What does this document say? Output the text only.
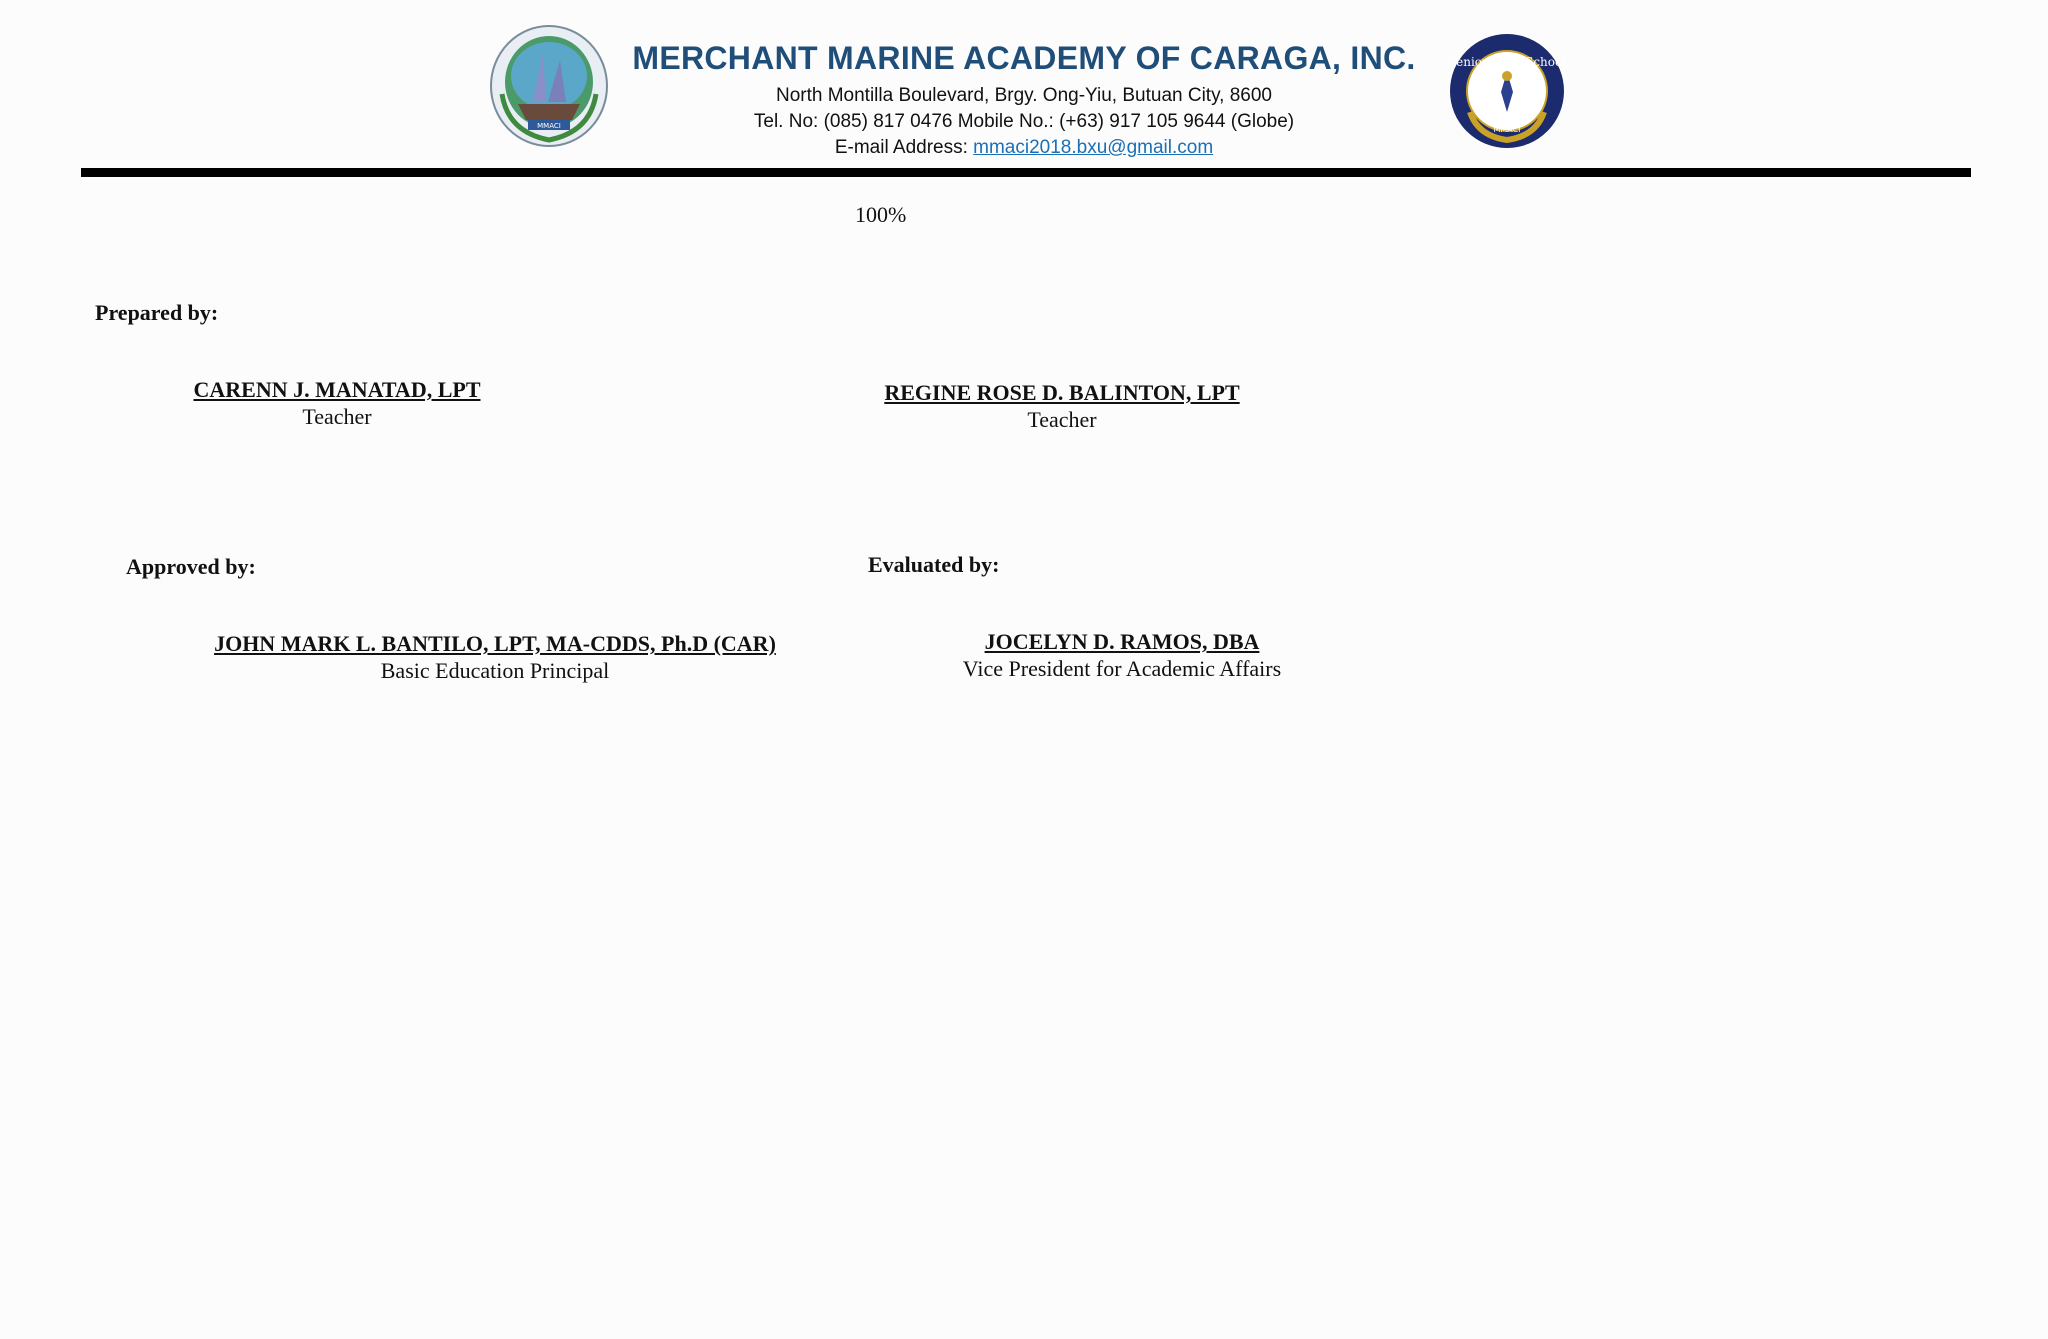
MMACI
Senior High School
MMACI
MERCHANT MARINE ACADEMY OF CARAGA, INC.
North Montilla Boulevard, Brgy. Ong-Yiu, Butuan City, 8600
Tel. No: (085) 817 0476 Mobile No.: (+63) 917 105 9644 (Globe)
E-mail Address: mmaci2018.bxu@gmail.com
100%
Prepared by:
CARENN J. MANATAD, LPT
Teacher
REGINE ROSE D. BALINTON, LPT
Teacher
Approved by:	Evaluated by:
JOHN MARK L. BANTILO, LPT, MA-CDDS, Ph.D (CAR)
Basic Education Principal
JOCELYN D. RAMOS, DBA
Vice President for Academic Affairs
